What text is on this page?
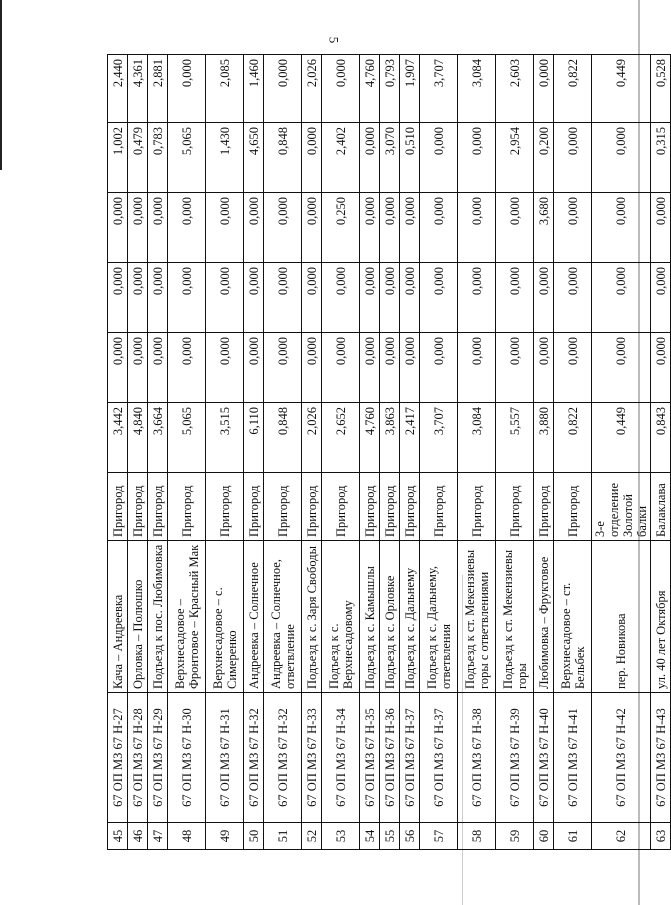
5
45	67 ОП МЗ 67 Н-27	Кача – Андреевка	Пригород	3,442	0,000	0,000	0,000	1,002	2,440
46	67 ОП МЗ 67 Н-28	Орловка – Полюшко	Пригород	4,840	0,000	0,000	0,000	0,479	4,361
47	67 ОП МЗ 67 Н-29	Подъезд к пос. Любимовка	Пригород	3,664	0,000	0,000	0,000	0,783	2,881
48	67 ОП МЗ 67 Н-30	Верхнесадовое – Фронтовое – Красный Мак	Пригород	5,065	0,000	0,000	0,000	5,065	0,000
49	67 ОП МЗ 67 Н-31	Верхнесадовое – с. Симеренко	Пригород	3,515	0,000	0,000	0,000	1,430	2,085
50	67 ОП МЗ 67 Н-32	Андреевка – Солнечное	Пригород	6,110	0,000	0,000	0,000	4,650	1,460
51	67 ОП МЗ 67 Н-32	Андреевка – Солнечное, ответвление	Пригород	0,848	0,000	0,000	0,000	0,848	0,000
52	67 ОП МЗ 67 Н-33	Подъезд к с. Заря Свободы	Пригород	2,026	0,000	0,000	0,000	0,000	2,026
53	67 ОП МЗ 67 Н-34	Подъезд к с. Верхнесадовому	Пригород	2,652	0,000	0,000	0,250	2,402	0,000
54	67 ОП МЗ 67 Н-35	Подъезд к с. Камышлы	Пригород	4,760	0,000	0,000	0,000	0,000	4,760
55	67 ОП МЗ 67 Н-36	Подъезд к с. Орловке	Пригород	3,863	0,000	0,000	0,000	3,070	0,793
56	67 ОП МЗ 67 Н-37	Подъезд к с. Дальнему	Пригород	2,417	0,000	0,000	0,000	0,510	1,907
57	67 ОП МЗ 67 Н-37	Подъезд к с. Дальнему, ответвления	Пригород	3,707	0,000	0,000	0,000	0,000	3,707
58	67 ОП МЗ 67 Н-38	Подъезд к ст. Мекензиевы горы с ответвлениями	Пригород	3,084	0,000	0,000	0,000	0,000	3,084
59	67 ОП МЗ 67 Н-39	Подъезд к ст. Мекензиевы горы	Пригород	5,557	0,000	0,000	0,000	2,954	2,603
60	67 ОП МЗ 67 Н-40	Любимовка – Фруктовое	Пригород	3,880	0,000	0,000	3,680	0,200	0,000
61	67 ОП МЗ 67 Н-41	Верхнесадовое – ст. Бельбек	Пригород	0,822	0,000	0,000	0,000	0,000	0,822
62	67 ОП МЗ 67 Н-42	пер. Новикова	3-е отделение Золотой балки	0,449	0,000	0,000	0,000	0,000	0,449
63	67 ОП МЗ 67 Н-43	ул. 40 лет Октября	Балаклава	0,843	0,000	0,000	0,000	0,315	0,528
